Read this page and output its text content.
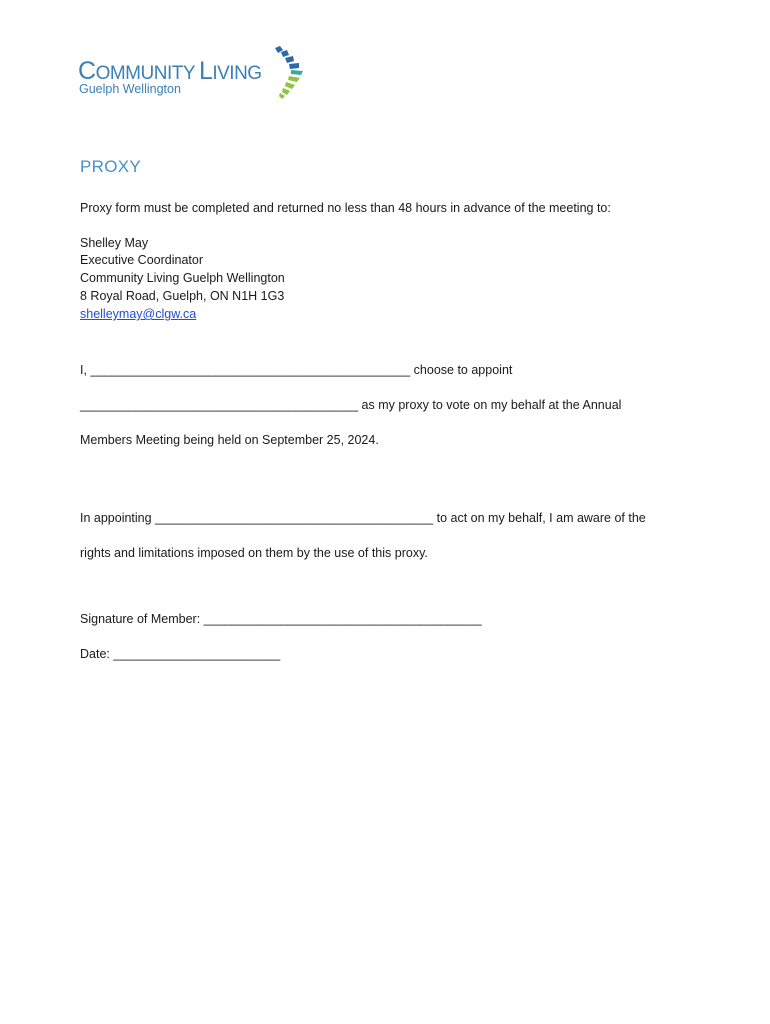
COMMUNITY LIVING
Guelph Wellington
PROXY
Proxy form must be completed and returned no less than 48 hours in advance of the meeting to:
Shelley May
Executive Coordinator
Community Living Guelph Wellington
8 Royal Road, Guelph, ON N1H 1G3
shelleymay@clgw.ca
I, ______________________________________________ choose to appoint
________________________________________ as my proxy to vote on my behalf at the Annual
Members Meeting being held on September 25, 2024.
In appointing ________________________________________ to act on my behalf, I am aware of the
rights and limitations imposed on them by the use of this proxy.
Signature of Member: ________________________________________
Date: ________________________
